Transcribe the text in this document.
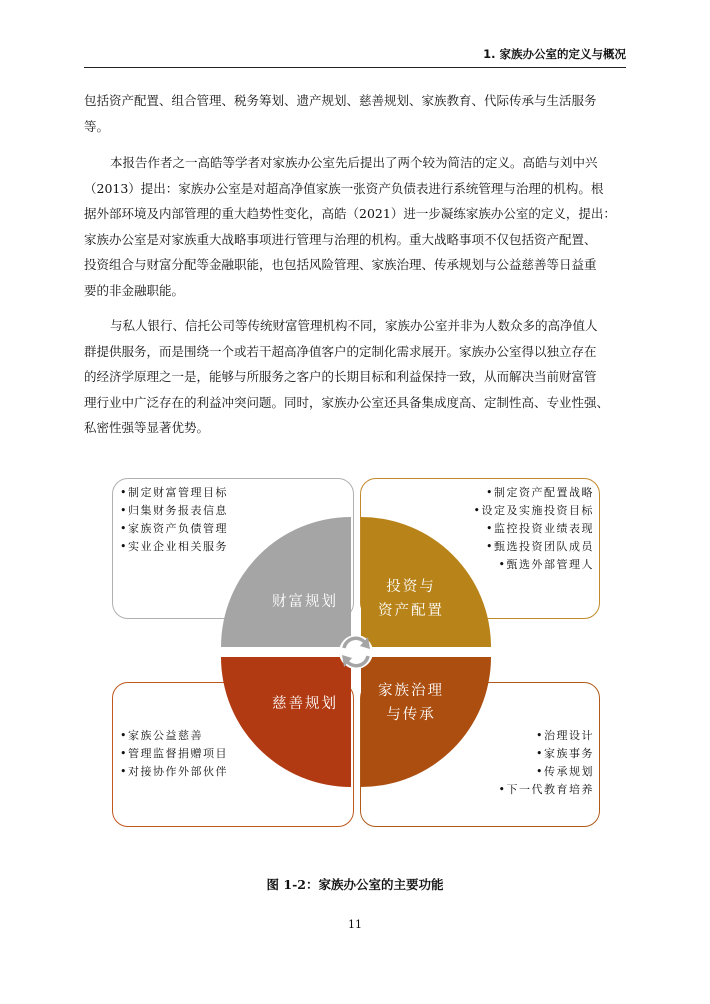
1. 家族办公室的定义与概况

包括资产配置、组合管理、税务筹划、遗产规划、慈善规划、家族教育、代际传承与生活服务
等。

本报告作者之一高皓等学者对家族办公室先后提出了两个较为简洁的定义。高皓与刘中兴
（2013）提出：家族办公室是对超高净值家族一张资产负债表进行系统管理与治理的机构。根
据外部环境及内部管理的重大趋势性变化，高皓（2021）进一步凝练家族办公室的定义，提出：
家族办公室是对家族重大战略事项进行管理与治理的机构。重大战略事项不仅包括资产配置、
投资组合与财富分配等金融职能，也包括风险管理、家族治理、传承规划与公益慈善等日益重
要的非金融职能。

与私人银行、信托公司等传统财富管理机构不同，家族办公室并非为人数众多的高净值人
群提供服务，而是围绕一个或若干超高净值客户的定制化需求展开。家族办公室得以独立存在
的经济学原理之一是，能够与所服务之客户的长期目标和利益保持一致，从而解决当前财富管
理行业中广泛存在的利益冲突问题。同时，家族办公室还具备集成度高、定制性高、专业性强、
私密性强等显著优势。

•制定财富管理目标
•归集财务报表信息
•家族资产负债管理
•实业企业相关服务
•制定资产配置战略
•设定及实施投资目标
•监控投资业绩表现
•甄选投资团队成员
•甄选外部管理人
•家族公益慈善
•管理监督捐赠项目
•对接协作外部伙伴
•治理设计
•家族事务
•传承规划
•下一代教育培养
财富规划
投资与
资产配置
慈善规划
家族治理
与传承
图 1-2：家族办公室的主要功能
11
